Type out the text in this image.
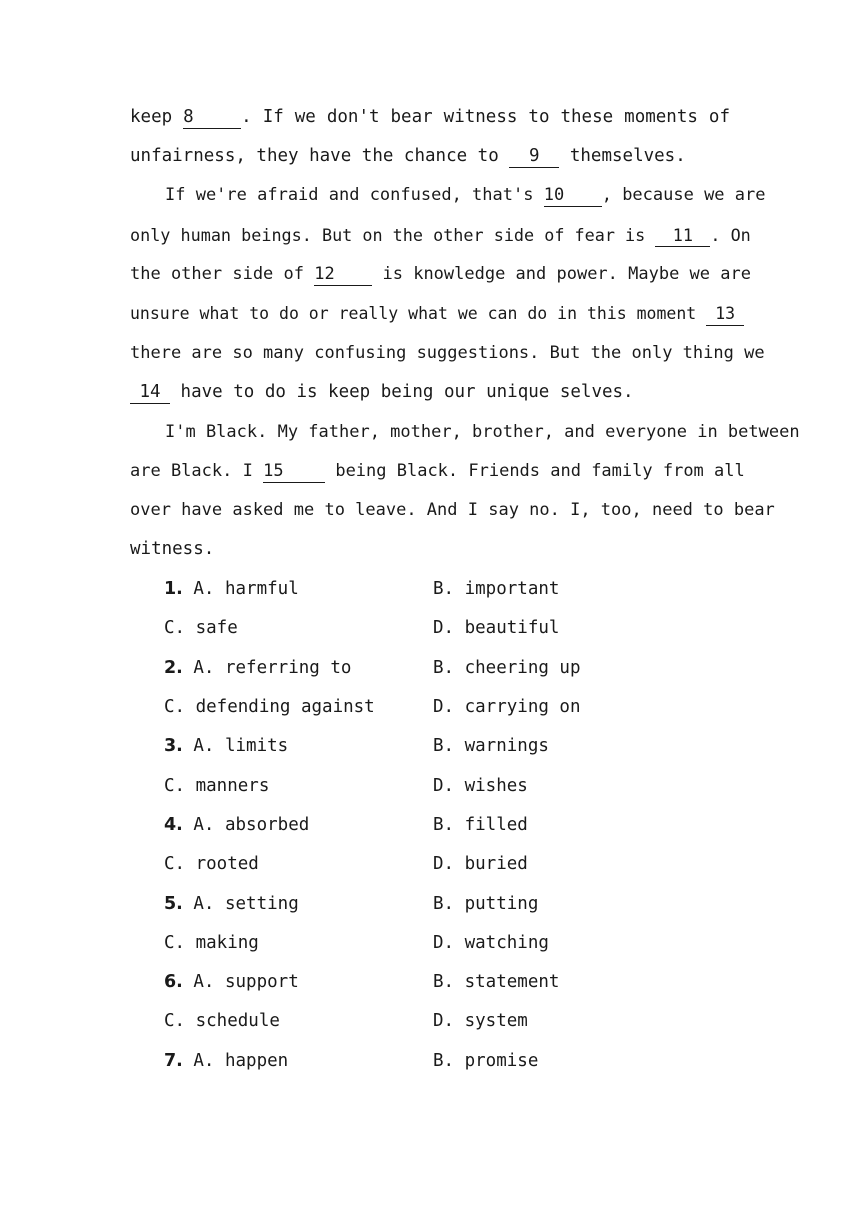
keep 8	. If we don't bear witness to these moments of
unfairness, they have the chance to 9 themselves.
If we're afraid and confused, that's 10 , because we are
only human beings. But on the other side of fear is 11 . On
the other side of 12	is knowledge and power. Maybe we are
unsure what to do or really what we can do in this moment 13
there are so many confusing suggestions. But the only thing we
14 have to do is keep being our unique selves.
I'm Black. My father, mother, brother, and everyone in between
are Black. I 15	being Black. Friends and family from all
over have asked me to leave. And I say no. I, too, need to bear
witness.
1. A. harmful	B. important
C. safe	D. beautiful
2. A. referring to	B. cheering up
C. defending against	D. carrying on
3. A. limits	B. warnings
C. manners	D. wishes
4. A. absorbed	B. filled
C. rooted	D. buried
5. A. setting	B. putting
C. making	D. watching
6. A. support	B. statement
C. schedule	D. system
7. A. happen	B. promise
